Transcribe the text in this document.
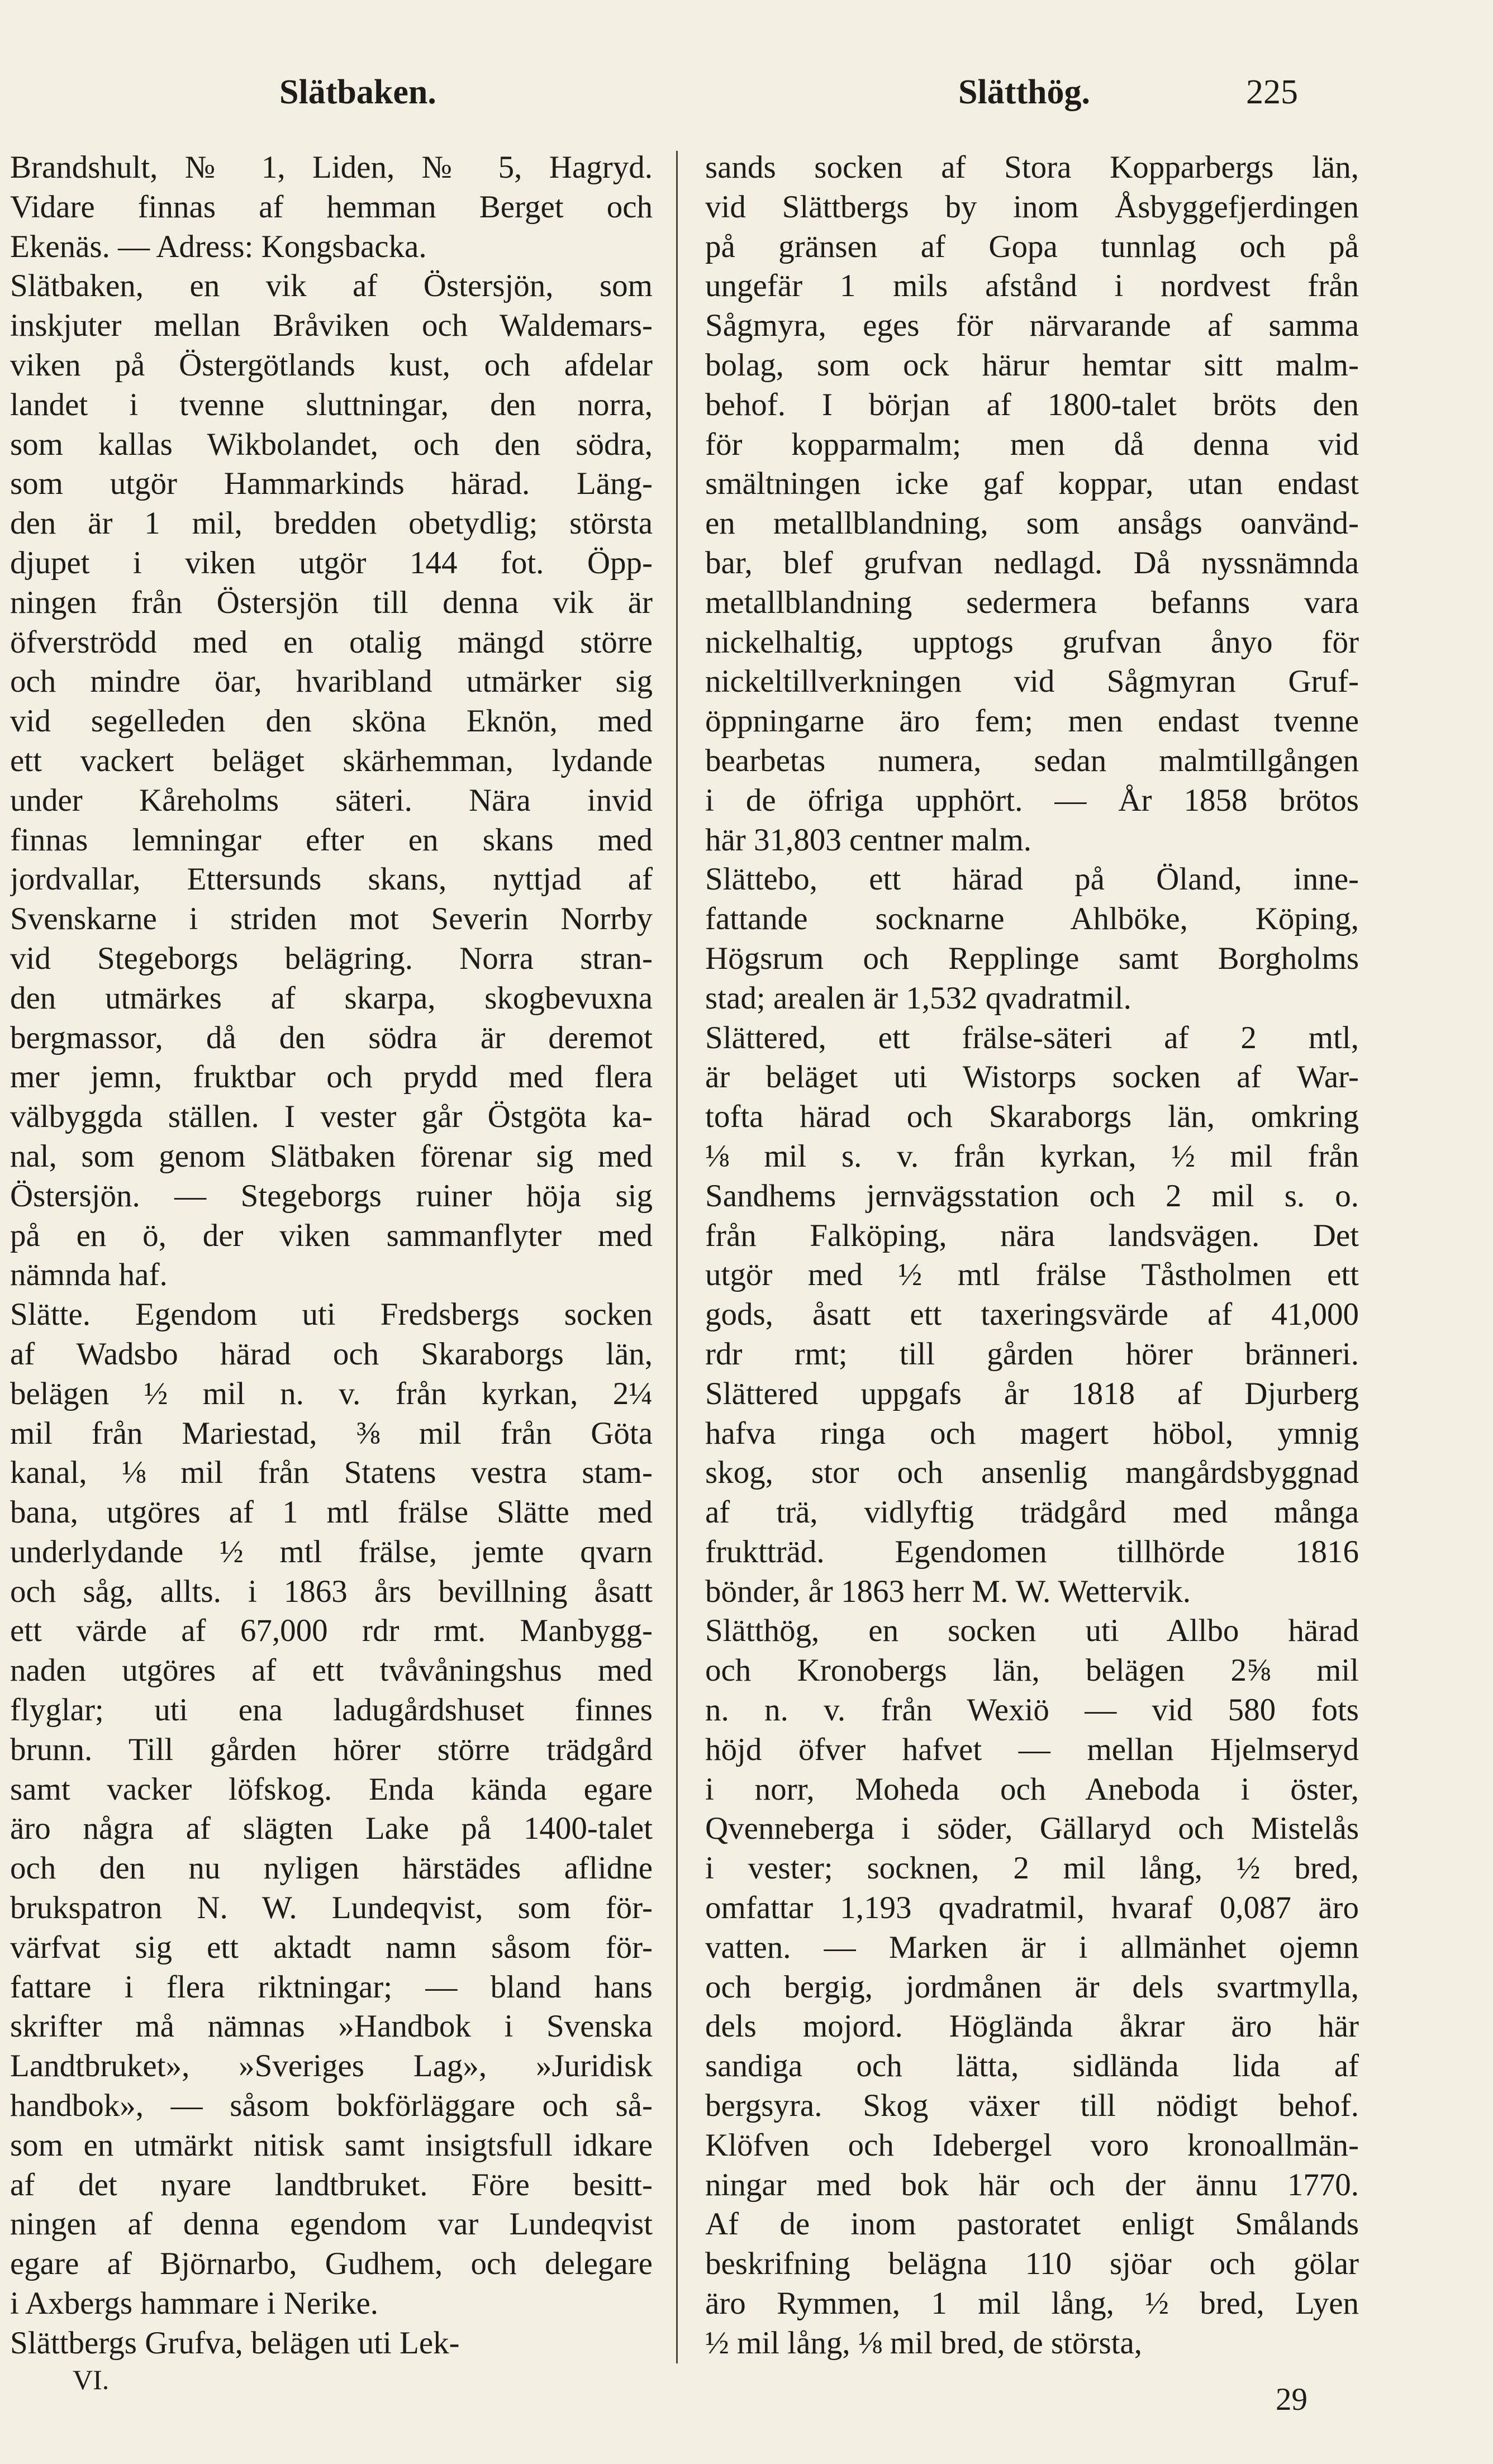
Slätbaken.	Slätthög.	225
Brandshult, № 1, Liden, № 5, Hagryd.
Vidare finnas af hemman Berget och
Ekenäs. — Adress: Kongsbacka.
Slätbaken, en vik af Östersjön, som
inskjuter mellan Bråviken och Waldemars-
viken på Östergötlands kust, och afdelar
landet i tvenne sluttningar, den norra,
som kallas Wikbolandet, och den södra,
som utgör Hammarkinds härad. Läng-
den är 1 mil, bredden obetydlig; största
djupet i viken utgör 144 fot. Öpp-
ningen från Östersjön till denna vik är
öfverströdd med en otalig mängd större
och mindre öar, hvaribland utmärker sig
vid segelleden den sköna Eknön, med
ett vackert beläget skärhemman, lydande
under Kåreholms säteri. Nära invid
finnas lemningar efter en skans med
jordvallar, Ettersunds skans, nyttjad af
Svenskarne i striden mot Severin Norrby
vid Stegeborgs belägring. Norra stran-
den utmärkes af skarpa, skogbevuxna
bergmassor, då den södra är deremot
mer jemn, fruktbar och prydd med flera
välbyggda ställen. I vester går Östgöta ka-
nal, som genom Slätbaken förenar sig med
Östersjön. — Stegeborgs ruiner höja sig
på en ö, der viken sammanflyter med
nämnda haf.
Slätte. Egendom uti Fredsbergs socken
af Wadsbo härad och Skaraborgs län,
belägen ½ mil n. v. från kyrkan, 2¼
mil från Mariestad, ⅜ mil från Göta
kanal, ⅛ mil från Statens vestra stam-
bana, utgöres af 1 mtl frälse Slätte med
underlydande ½ mtl frälse, jemte qvarn
och såg, allts. i 1863 års bevillning åsatt
ett värde af 67,000 rdr rmt. Manbygg-
naden utgöres af ett tvåvåningshus med
flyglar; uti ena ladugårdshuset finnes
brunn. Till gården hörer större trädgård
samt vacker löfskog. Enda kända egare
äro några af slägten Lake på 1400-talet
och den nu nyligen härstädes aflidne
brukspatron N. W. Lundeqvist, som för-
värfvat sig ett aktadt namn såsom för-
fattare i flera riktningar; — bland hans
skrifter må nämnas »Handbok i Svenska
Landtbruket», »Sveriges Lag», »Juridisk
handbok», — såsom bokförläggare och så-
som en utmärkt nitisk samt insigtsfull idkare
af det nyare landtbruket. Före besitt-
ningen af denna egendom var Lundeqvist
egare af Björnarbo, Gudhem, och delegare
i Axbergs hammare i Nerike.
Slättbergs Grufva, belägen uti Lek-
sands socken af Stora Kopparbergs län,
vid Slättbergs by inom Åsbyggefjerdingen
på gränsen af Gopa tunnlag och på
ungefär 1 mils afstånd i nordvest från
Sågmyra, eges för närvarande af samma
bolag, som ock härur hemtar sitt malm-
behof. I början af 1800-talet bröts den
för kopparmalm; men då denna vid
smältningen icke gaf koppar, utan endast
en metallblandning, som ansågs oanvänd-
bar, blef grufvan nedlagd. Då nyssnämnda
metallblandning sedermera befanns vara
nickelhaltig, upptogs grufvan ånyo för
nickeltillverkningen vid Sågmyran Gruf-
öppningarne äro fem; men endast tvenne
bearbetas numera, sedan malmtillgången
i de öfriga upphört. — År 1858 brötos
här 31,803 centner malm.
Slättebo, ett härad på Öland, inne-
fattande socknarne Ahlböke, Köping,
Högsrum och Repplinge samt Borgholms
stad; arealen är 1,532 qvadratmil.
Slättered, ett frälse-säteri af 2 mtl,
är beläget uti Wistorps socken af War-
tofta härad och Skaraborgs län, omkring
⅛ mil s. v. från kyrkan, ½ mil från
Sandhems jernvägsstation och 2 mil s. o.
från Falköping, nära landsvägen. Det
utgör med ½ mtl frälse Tåstholmen ett
gods, åsatt ett taxeringsvärde af 41,000
rdr rmt; till gården hörer bränneri.
Slättered uppgafs år 1818 af Djurberg
hafva ringa och magert höbol, ymnig
skog, stor och ansenlig mangårdsbyggnad
af trä, vidlyftig trädgård med många
fruktträd. Egendomen tillhörde 1816
bönder, år 1863 herr M. W. Wettervik.
Slätthög, en socken uti Allbo härad
och Kronobergs län, belägen 2⅝ mil
n. n. v. från Wexiö — vid 580 fots
höjd öfver hafvet — mellan Hjelmseryd
i norr, Moheda och Aneboda i öster,
Qvenneberga i söder, Gällaryd och Mistelås
i vester; socknen, 2 mil lång, ½ bred,
omfattar 1,193 qvadratmil, hvaraf 0,087 äro
vatten. — Marken är i allmänhet ojemn
och bergig, jordmånen är dels svartmylla,
dels mojord. Höglända åkrar äro här
sandiga och lätta, sidländа lida af
bergsyra. Skog växer till nödigt behof.
Klöfven och Idebergel voro kronoallmän-
ningar med bok här och der ännu 1770.
Af de inom pastoratet enligt Smålands
beskrifning belägna 110 sjöar och gölar
äro Rymmen, 1 mil lång, ½ bred, Lyen
½ mil lång, ⅛ mil bred, de största,
VI.
29
